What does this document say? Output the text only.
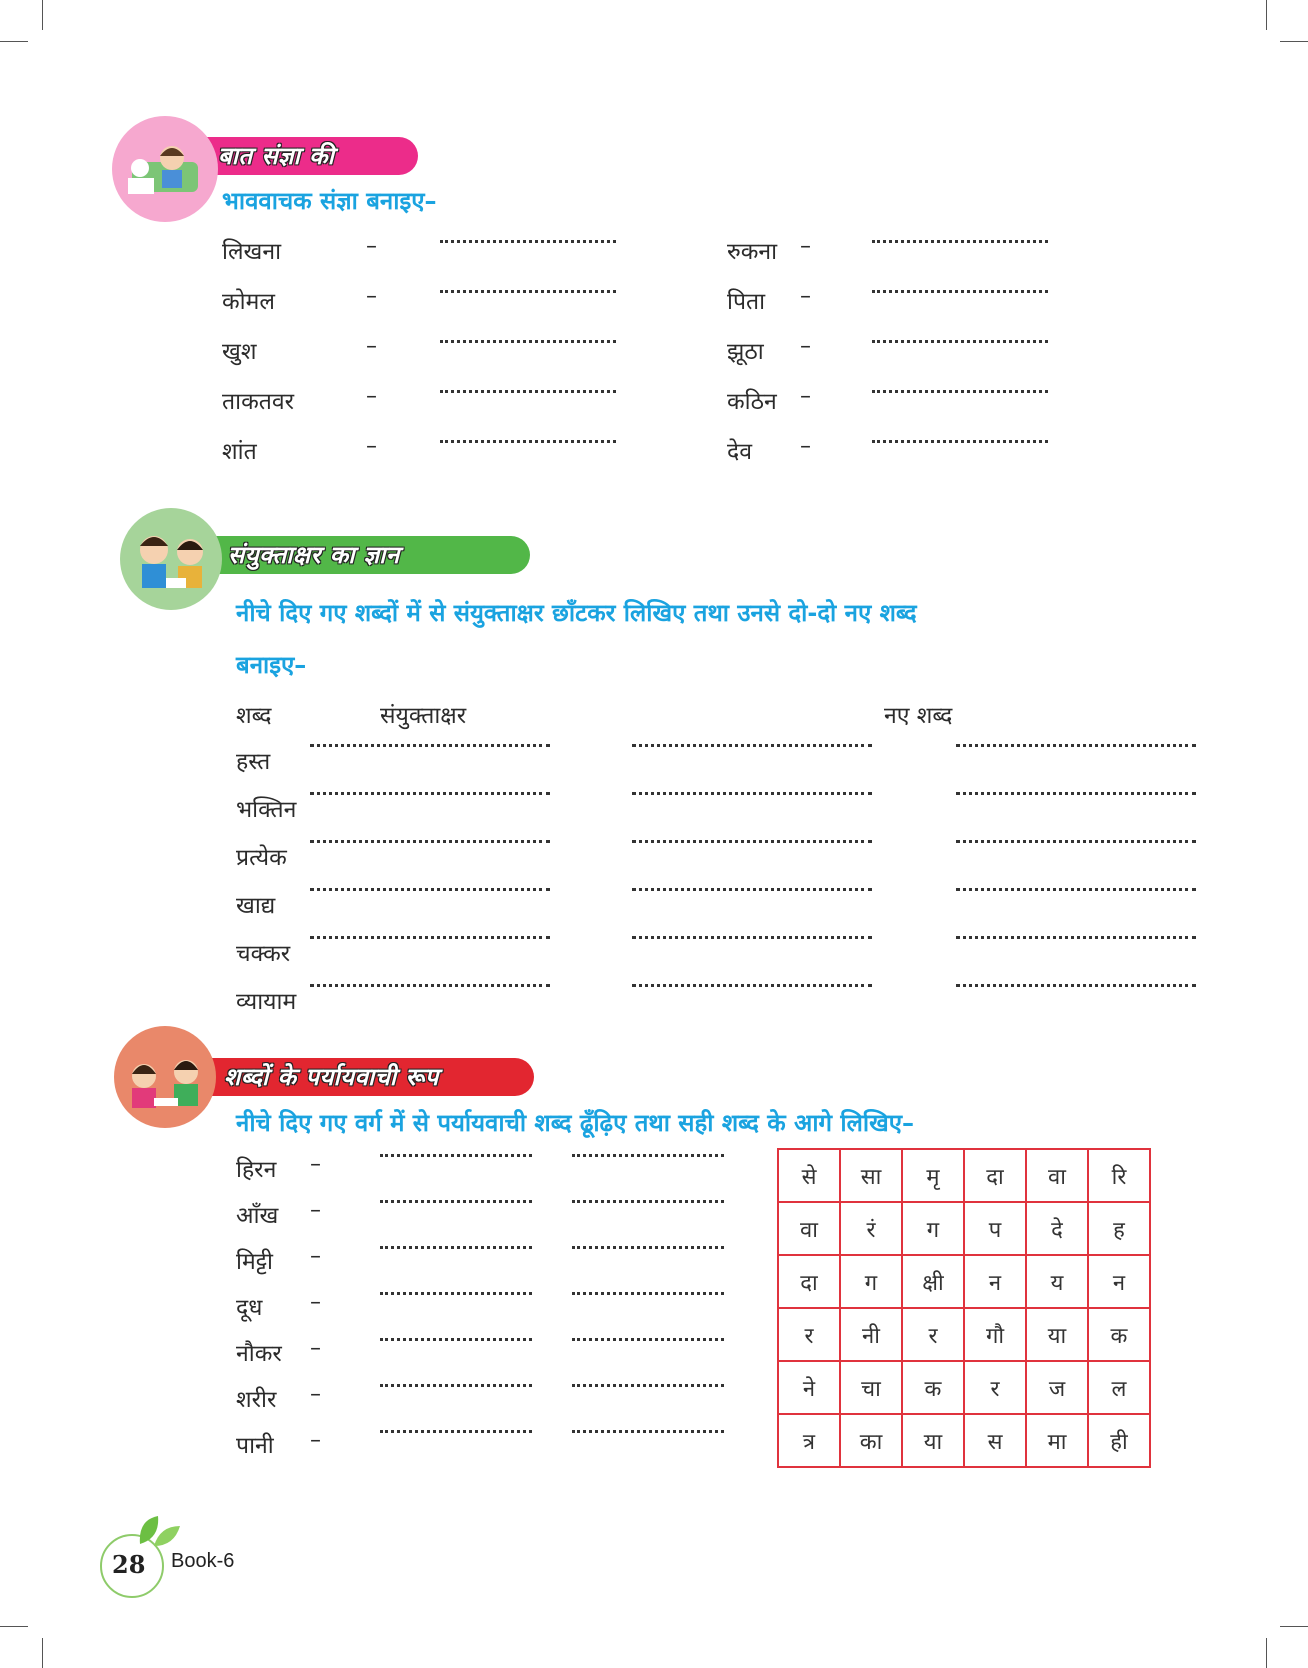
बात संज्ञा की
भाववाचक संज्ञा बनाइए–
लिखना	–
कोमल	–
खुश	–
ताकतवर	–
शांत	–
रुकना –
पिता –
झूठा –
कठिन –
देव –
संयुक्ताक्षर का ज्ञान
नीचे दिए गए शब्दों में से संयुक्ताक्षर छाँटकर लिखिए तथा उनसे दो-दो नए शब्द
बनाइए–
शब्द	संयुक्ताक्षर	नए शब्द
हस्त
भक्तिन
प्रत्येक
खाद्य
चक्कर
व्यायाम
शब्दों के पर्यायवाची रूप
नीचे दिए गए वर्ग में से पर्यायवाची शब्द ढूँढ़िए तथा सही शब्द के आगे लिखिए–
हिरन –
आँख –
मिट्टी –
दूध –
नौकर –
शरीर –
पानी –
से	सा	मृ	दा	वा	रि
वा	रं	ग	प	दे	ह
दा	ग	क्षी	न	य	न
र	नी	र	गौ	या	क
ने	चा	क	र	ज	ल
त्र	का	या	स	मा	ही
28 Book-6
